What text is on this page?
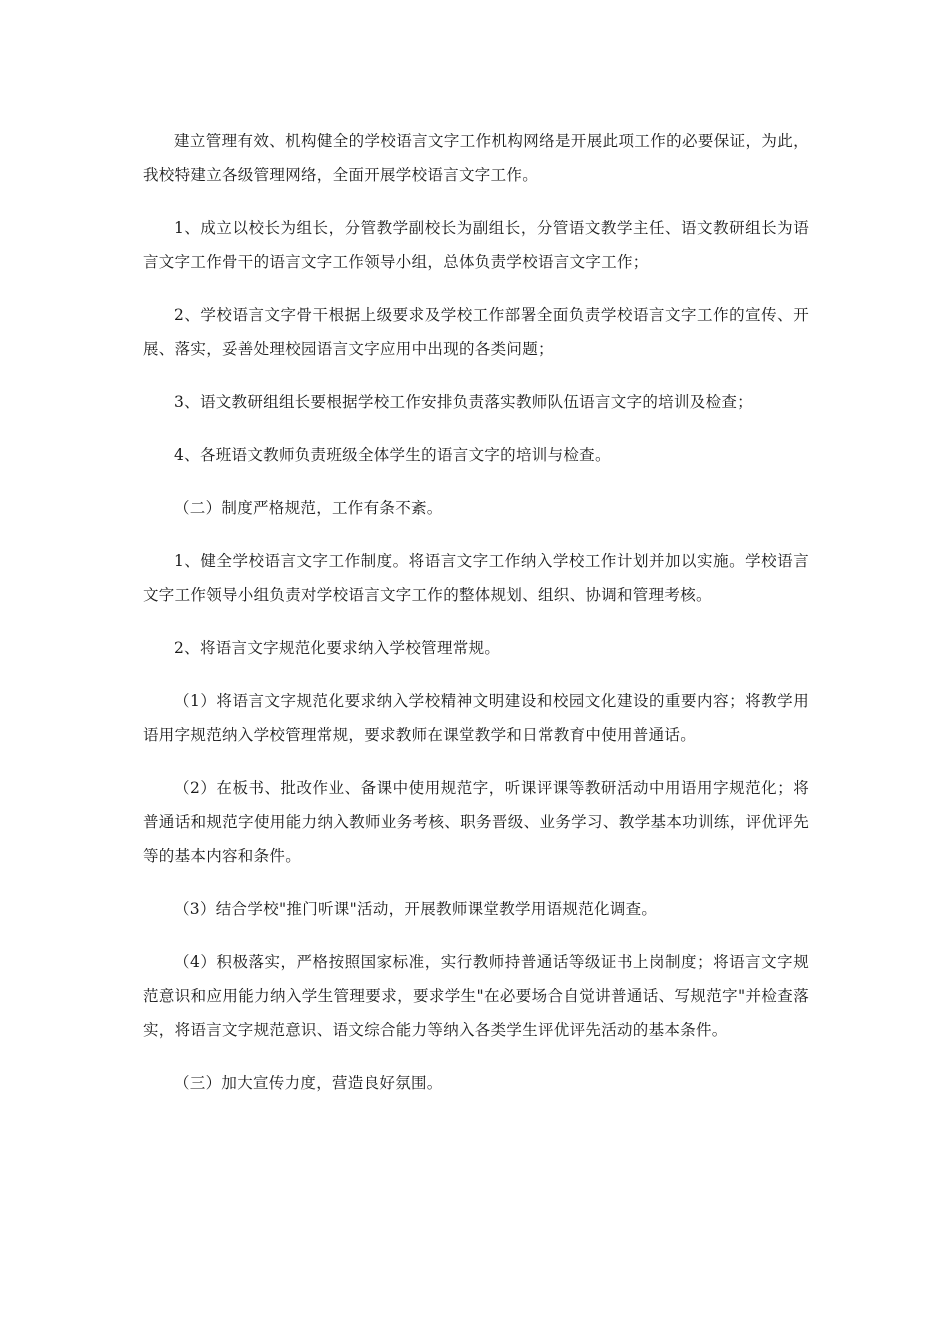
建立管理有效、机构健全的学校语言文字工作机构网络是开展此项工作的必要保证，为此，我校特建立各级管理网络，全面开展学校语言文字工作。

1、成立以校长为组长，分管教学副校长为副组长，分管语文教学主任、语文教研组长为语言文字工作骨干的语言文字工作领导小组，总体负责学校语言文字工作；

2、学校语言文字骨干根据上级要求及学校工作部署全面负责学校语言文字工作的宣传、开展、落实，妥善处理校园语言文字应用中出现的各类问题；

3、语文教研组组长要根据学校工作安排负责落实教师队伍语言文字的培训及检查；

4、各班语文教师负责班级全体学生的语言文字的培训与检查。

（二）制度严格规范，工作有条不紊。

1、健全学校语言文字工作制度。将语言文字工作纳入学校工作计划并加以实施。学校语言文字工作领导小组负责对学校语言文字工作的整体规划、组织、协调和管理考核。

2、将语言文字规范化要求纳入学校管理常规。

（1）将语言文字规范化要求纳入学校精神文明建设和校园文化建设的重要内容；将教学用语用字规范纳入学校管理常规，要求教师在课堂教学和日常教育中使用普通话。

（2）在板书、批改作业、备课中使用规范字，听课评课等教研活动中用语用字规范化；将普通话和规范字使用能力纳入教师业务考核、职务晋级、业务学习、教学基本功训练，评优评先等的基本内容和条件。

（3）结合学校"推门听课"活动，开展教师课堂教学用语规范化调查。

（4）积极落实，严格按照国家标准，实行教师持普通话等级证书上岗制度；将语言文字规范意识和应用能力纳入学生管理要求，要求学生"在必要场合自觉讲普通话、写规范字"并检查落实，将语言文字规范意识、语文综合能力等纳入各类学生评优评先活动的基本条件。

（三）加大宣传力度，营造良好氛围。
